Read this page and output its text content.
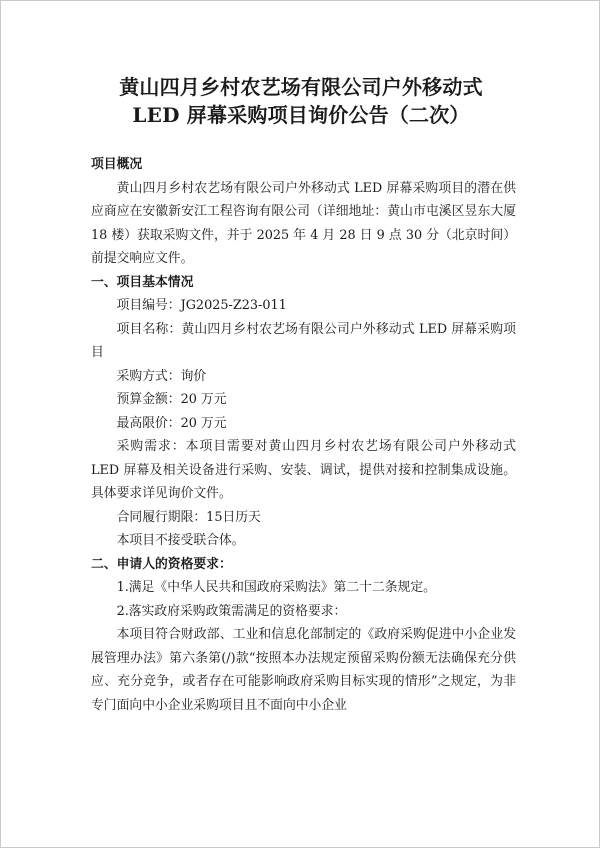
黄山四月乡村农艺场有限公司户外移动式
LED 屏幕采购项目询价公告（二次）

项目概况

黄山四月乡村农艺场有限公司户外移动式 LED 屏幕采购项目的潜在供应商应在安徽新安江工程咨询有限公司（详细地址：黄山市屯溪区昱东大厦 18 楼）获取采购文件，并于 2025 年 4 月 28 日 9 点 30 分（北京时间）前提交响应文件。

一、项目基本情况

项目编号：JG2025-Z23-011

项目名称：黄山四月乡村农艺场有限公司户外移动式 LED 屏幕采购项目

采购方式：询价

预算金额：20 万元

最高限价：20 万元

采购需求：本项目需要对黄山四月乡村农艺场有限公司户外移动式 LED 屏幕及相关设备进行采购、安装、调试，提供对接和控制集成设施。具体要求详见询价文件。

合同履行期限：15日历天

本项目不接受联合体。

二、申请人的资格要求：

1.满足《中华人民共和国政府采购法》第二十二条规定。

2.落实政府采购政策需满足的资格要求：

本项目符合财政部、工业和信息化部制定的《政府采购促进中小企业发展管理办法》第六条第(/)款“按照本办法规定预留采购份额无法确保充分供应、充分竞争，或者存在可能影响政府采购目标实现的情形”之规定，为非专门面向中小企业采购项目且不面向中小企业
